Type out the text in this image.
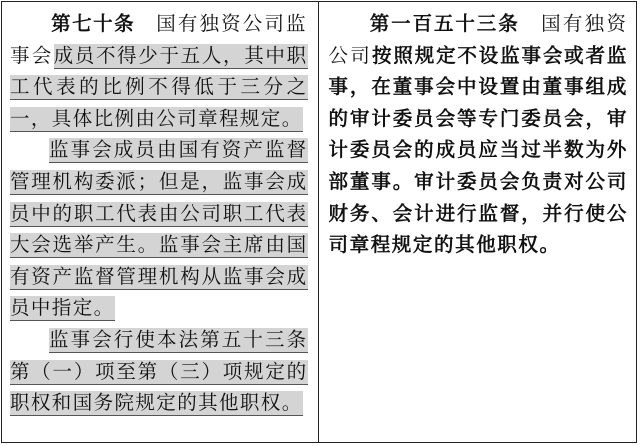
第七十条　 国有独资公司监事会成员不得少于五人，其中职工代表的比例不得低于三分之一，具体比例由公司章程规定。

监事会成员由国有资产监督管理机构委派；但是，监事会成员中的职工代表由公司职工代表大会选举产生。监事会主席由国有资产监督管理机构从监事会成员中指定。

监事会行使本法第五十三条第（一）项至第（三）项规定的职权和国务院规定的其他职权。

第一百五十三条　 国有独资公司按照规定不设监事会或者监事，在董事会中设置由董事组成的审计委员会等专门委员会，审计委员会的成员应当过半数为外部董事。审计委员会负责对公司财务、会计进行监督，并行使公司章程规定的其他职权。
